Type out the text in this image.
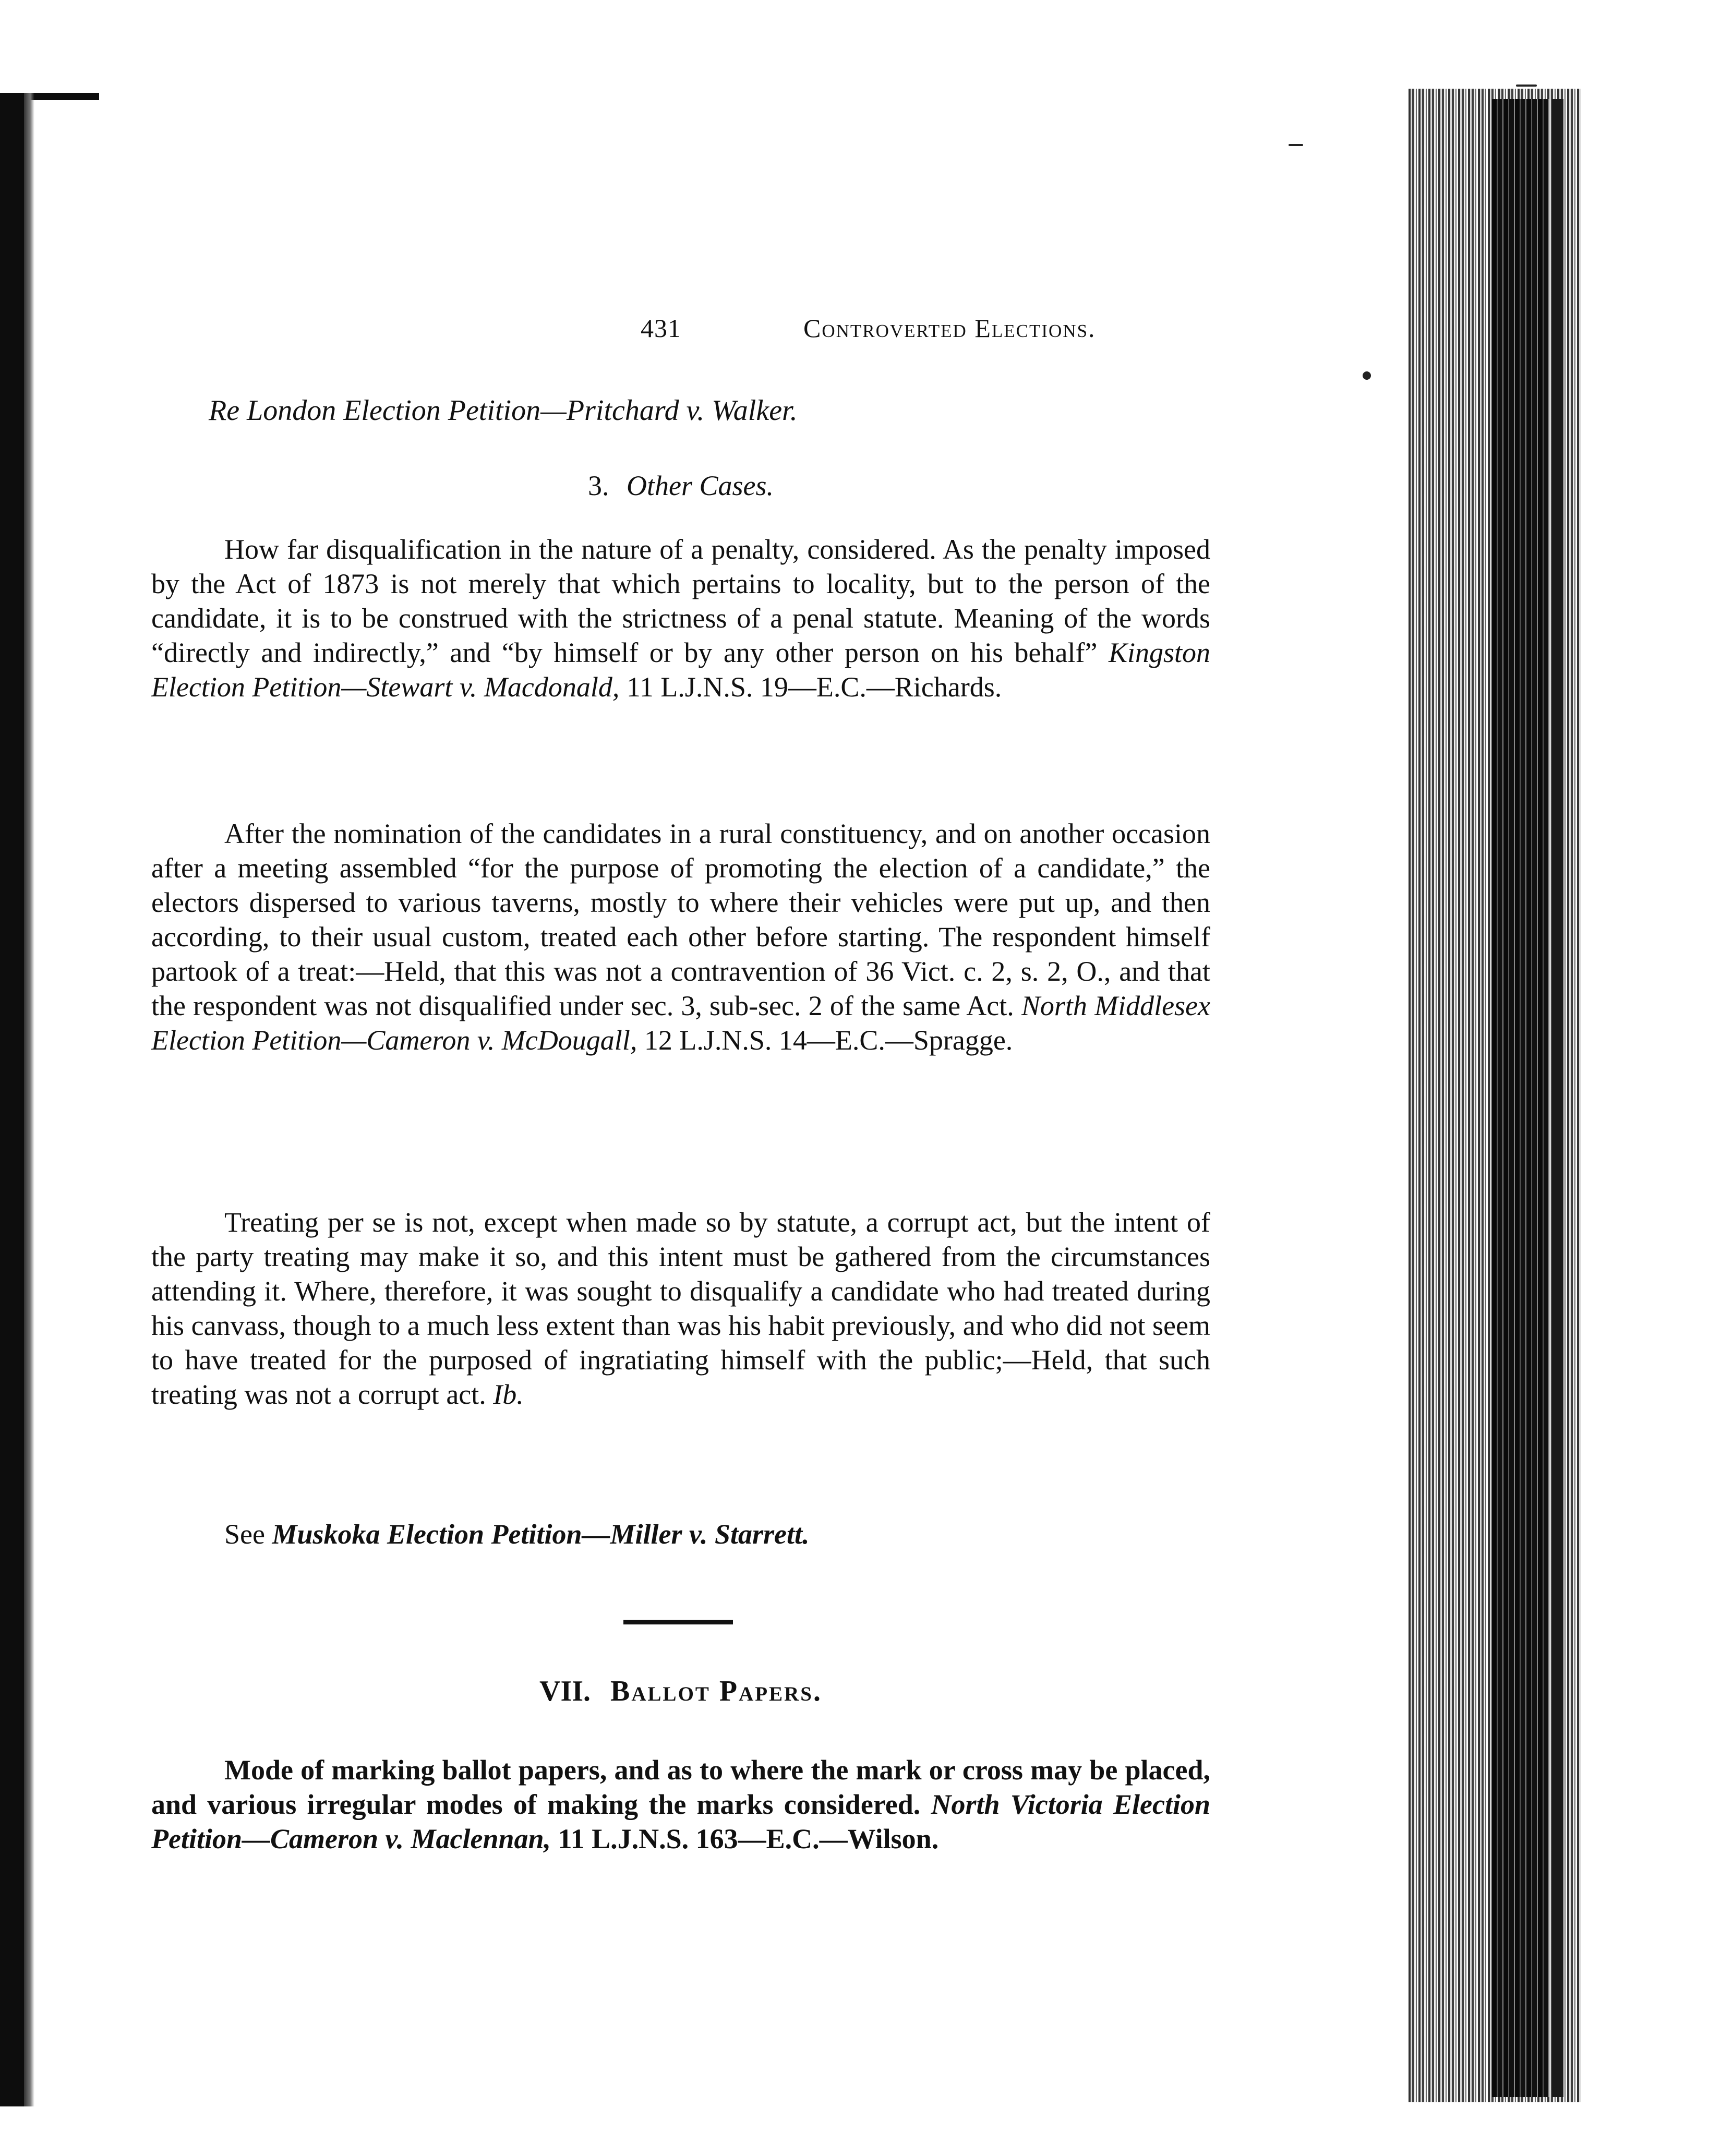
431	Controverted Elections.
Re London Election Petition—Pritchard v. Walker.
3. Other Cases.
How far disqualification in the nature of a penalty, considered. As the penalty imposed by the Act of 1873 is not merely that which pertains to locality, but to the person of the candidate, it is to be construed with the strictness of a penal statute. Meaning of the words “directly and indirectly,” and “by himself or by any other person on his behalf” Kingston Election Petition—Stewart v. Macdonald, 11 L.J.N.S. 19—E.C.—Richards.
After the nomination of the candidates in a rural constituency, and on another occasion after a meeting assembled “for the purpose of promoting the election of a candidate,” the electors dispersed to various taverns, mostly to where their vehicles were put up, and then according, to their usual custom, treated each other before starting. The respondent himself partook of a treat:—Held, that this was not a contravention of 36 Vict. c. 2, s. 2, O., and that the respondent was not disqualified under sec. 3, sub-sec. 2 of the same Act. North Middlesex Election Petition—Cameron v. McDougall, 12 L.J.N.S. 14—E.C.—Spragge.
Treating per se is not, except when made so by statute, a corrupt act, but the intent of the party treating may make it so, and this intent must be gathered from the circumstances attending it. Where, therefore, it was sought to disqualify a candidate who had treated during his canvass, though to a much less extent than was his habit previously, and who did not seem to have treated for the purposed of ingratiating himself with the public;—Held, that such treating was not a corrupt act. Ib.
See Muskoka Election Petition—Miller v. Starrett.
VII. Ballot Papers.
Mode of marking ballot papers, and as to where the mark or cross may be placed, and various irregular modes of making the marks considered. North Victoria Election Petition—Cameron v. Maclennan, 11 L.J.N.S. 163—E.C.—Wilson.
